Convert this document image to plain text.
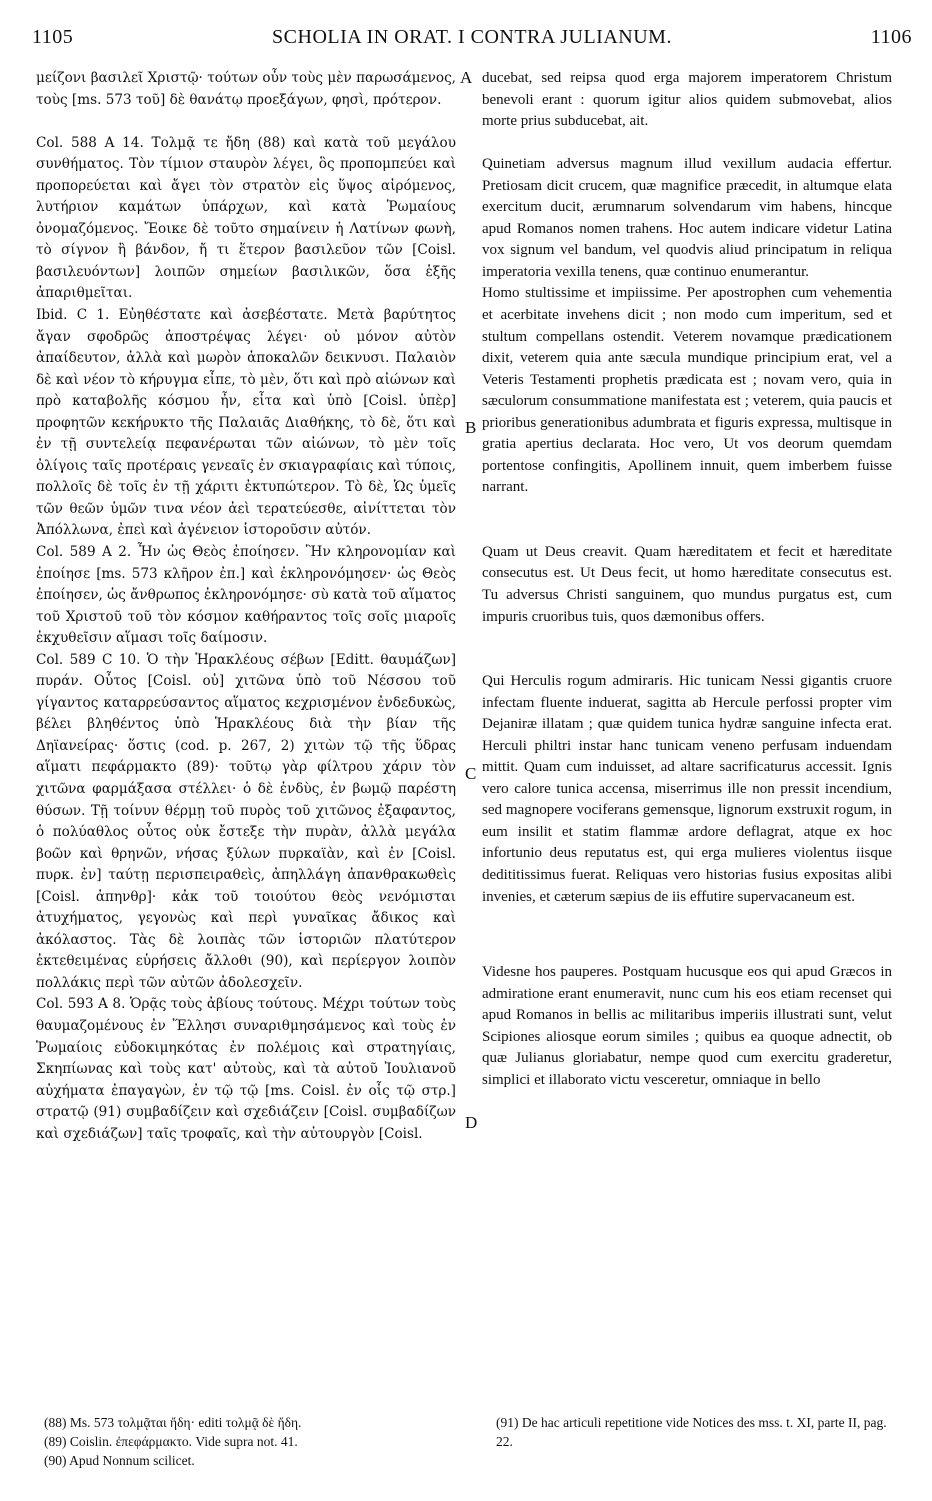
1105	SCHOLIA IN ORAT. I CONTRA JULIANUM.	1106

μείζονι βασιλεῖ Χριστῷ· τούτων οὖν τοὺς μὲν παρωσάμενος, τοὺς [ms. 573 τοῦ] δὲ θανάτῳ προεξάγων, φησὶ, πρότερον.

Col. 588 A 14. Τολμᾷ τε ἤδη (88) καὶ κατὰ τοῦ μεγάλου συνθήματος. Τὸν τίμιον σταυρὸν λέγει, ὃς προπομπεύει καὶ προπορεύεται καὶ ἄγει τὸν στρατὸν εἰς ὕψος αἰρόμενος, λυτήριον καμάτων ὑπάρχων, καὶ κατὰ Ῥωμαίους ὀνομαζόμενος. Ἔοικε δὲ τοῦτο σημαίνειν ἡ Λατίνων φωνὴ, τὸ σίγνον ἢ βάνδον, ἤ τι ἕτερον βασιλεῦον τῶν [Coisl. βασιλευόντων] λοιπῶν σημείων βασιλικῶν, ὅσα ἑξῆς ἀπαριθμεῖται.

Ibid. C 1. Εὐηθέστατε καὶ ἀσεβέστατε. Μετὰ βαρύτητος ἄγαν σφοδρῶς ἀποστρέψας λέγει· οὐ μόνον αὐτὸν ἀπαίδευτον, ἀλλὰ καὶ μωρὸν ἀποκαλῶν δεικνυσι. Παλαιὸν δὲ καὶ νέον τὸ κήρυγμα εἶπε, τὸ μὲν, ὅτι καὶ πρὸ αἰώνων καὶ πρὸ καταβολῆς κόσμου ἦν, εἶτα καὶ ὑπὸ [Coisl. ὑπὲρ] προφητῶν κεκήρυκτο τῆς Παλαιᾶς Διαθήκης, τὸ δὲ, ὅτι καὶ ἐν τῇ συντελείᾳ πεφανέρωται τῶν αἰώνων, τὸ μὲν τοῖς ὀλίγοις ταῖς προτέραις γενεαῖς ἐν σκιαγραφίαις καὶ τύποις, πολλοῖς δὲ τοῖς ἐν τῇ χάριτι ἐκτυπώτερον. Τὸ δὲ, Ὡς ὑμεῖς τῶν θεῶν ὑμῶν τινα νέον ἀεὶ τερατεύεσθε, αἰνίττεται τὸν Ἀπόλλωνα, ἐπεὶ καὶ ἀγένειον ἱστοροῦσιν αὐτόν.

Col. 589 A 2. Ἦν ὡς Θεὸς ἐποίησεν. Ἣν κληρονομίαν καὶ ἐποίησε [ms. 573 κλῆρον ἐπ.] καὶ ἐκληρονόμησεν· ὡς Θεὸς ἐποίησεν, ὡς ἄνθρωπος ἐκληρονόμησε· σὺ κατὰ τοῦ αἵματος τοῦ Χριστοῦ τοῦ τὸν κόσμον καθήραντος τοῖς σοῖς μιαροῖς ἐκχυθεῖσιν αἵμασι τοῖς δαίμοσιν.

Col. 589 C 10. Ὁ τὴν Ἡρακλέους σέβων [Editt. θαυμάζων] πυράν. Οὗτος [Coisl. οὐ] χιτῶνα ὑπὸ τοῦ Νέσσου τοῦ γίγαντος καταρρεύσαντος αἵματος κεχρισμένον ἐνδεδυκὼς, βέλει βληθέντος ὑπὸ Ἡρακλέους διὰ τὴν βίαν τῆς Δηϊανείρας· ὅστις (cod. p. 267, 2) χιτὼν τῷ τῆς ὕδρας αἵματι πεφάρμακτο (89)· τοῦτῳ γὰρ φίλτρου χάριν τὸν χιτῶνα φαρμάξασα στέλλει· ὁ δὲ ἐνδὺς, ἐν βωμῷ παρέστη θύσων. Τῇ τοίνυν θέρμῃ τοῦ πυρὸς τοῦ χιτῶνος ἐξαφαντος, ὁ πολύαθλος οὗτος οὐκ ἔστεξε τὴν πυρὰν, ἀλλὰ μεγάλα βοῶν καὶ θρηνῶν, νήσας ξύλων πυρκαϊὰν, καὶ ἐν [Coisl. πυρκ. ἐν] ταύτῃ περισπειραθεὶς, ἀπηλλάγη ἀπανθρακωθεὶς [Coisl. ἀπηνθρ]· κἀκ τοῦ τοιούτου θεὸς νενόμισται ἀτυχήματος, γεγονὼς καὶ περὶ γυναῖκας ἄδικος καὶ ἀκόλαστος. Τὰς δὲ λοιπὰς τῶν ἱστοριῶν πλατύτερον ἐκτεθειμένας εὑρήσεις ἄλλοθι (90), καὶ περίεργον λοιπὸν πολλάκις περὶ τῶν αὐτῶν ἀδολεσχεῖν.

Col. 593 A 8. Ὁρᾷς τοὺς ἀβίους τούτους. Μέχρι τούτων τοὺς θαυμαζομένους ἐν Ἕλλησι συναριθμησάμενος καὶ τοὺς ἐν Ῥωμαίοις εὐδοκιμηκότας ἐν πολέμοις καὶ στρατηγίαις, Σκηπίωνας καὶ τοὺς κατ' αὐτοὺς, καὶ τὰ αὐτοῦ Ἰουλιανοῦ αὐχήματα ἐπαγαγὼν, ἐν τῷ τῷ [ms. Coisl. ἐν οἷς τῷ στρ.] στρατῷ (91) συμβαδίζειν καὶ σχεδιάζειν [Coisl. συμβαδίζων καὶ σχεδιάζων] ταῖς τροφαῖς, καὶ τὴν αὐτουργὸν [Coisl.

A
B
C
D

ducebat, sed reipsa quod erga majorem imperatorem Christum benevoli erant : quorum igitur alios quidem submovebat, alios morte prius subducebat, ait.

Quinetiam adversus magnum illud vexillum audacia effertur. Pretiosam dicit crucem, quæ magnifice præcedit, in altumque elata exercitum ducit, ærumnarum solvendarum vim habens, hincque apud Romanos nomen trahens. Hoc autem indicare videtur Latina vox signum vel bandum, vel quodvis aliud principatum in reliqua imperatoria vexilla tenens, quæ continuo enumerantur.

Homo stultissime et impiissime. Per apostrophen cum vehementia et acerbitate invehens dicit ; non modo cum imperitum, sed et stultum compellans ostendit. Veterem novamque prædicationem dixit, veterem quia ante sæcula mundique principium erat, vel a Veteris Testamenti prophetis prædicata est ; novam vero, quia in sæculorum consummatione manifestata est ; veterem, quia paucis et prioribus generationibus adumbrata et figuris expressa, multisque in gratia apertius declarata. Hoc vero, Ut vos deorum quemdam portentose confingitis, Apollinem innuit, quem imberbem fuisse narrant.

Quam ut Deus creavit. Quam hæreditatem et fecit et hæreditate consecutus est. Ut Deus fecit, ut homo hæreditate consecutus est. Tu adversus Christi sanguinem, quo mundus purgatus est, cum impuris cruoribus tuis, quos dæmonibus offers.

Qui Herculis rogum admiraris. Hic tunicam Nessi gigantis cruore infectam fluente induerat, sagitta ab Hercule perfossi propter vim Dejaniræ illatam ; quæ quidem tunica hydræ sanguine infecta erat. Herculi philtri instar hanc tunicam veneno perfusam induendam mittit. Quam cum induisset, ad altare sacrificaturus accessit. Ignis vero calore tunica accensa, miserrimus ille non pressit incendium, sed magnopere vociferans gemensque, lignorum exstruxit rogum, in eum insilit et statim flammæ ardore deflagrat, atque ex hoc infortunio deus reputatus est, qui erga mulieres violentus iisque dedititissimus fuerat. Reliquas vero historias fusius expositas alibi invenies, et cæterum sæpius de iis effutire supervacaneum est.

Videsne hos pauperes. Postquam hucusque eos qui apud Græcos in admiratione erant enumeravit, nunc cum his eos etiam recenset qui apud Romanos in bellis ac militaribus imperiis illustrati sunt, velut Scipiones aliosque eorum similes ; quibus ea quoque adnectit, ob quæ Julianus gloriabatur, nempe quod cum exercitu graderetur, simplici et illaborato victu vesceretur, omniaque in bello

(88) Ms. 573 τολμᾷται ἤδη· editi τολμᾷ δὲ ἤδη.

(89) Coislin. ἐπεφάρμακτο. Vide supra not. 41.

(90) Apud Nonnum scilicet.

(91) De hac articuli repetitione vide Notices des mss. t. XI, parte II, pag. 22.
